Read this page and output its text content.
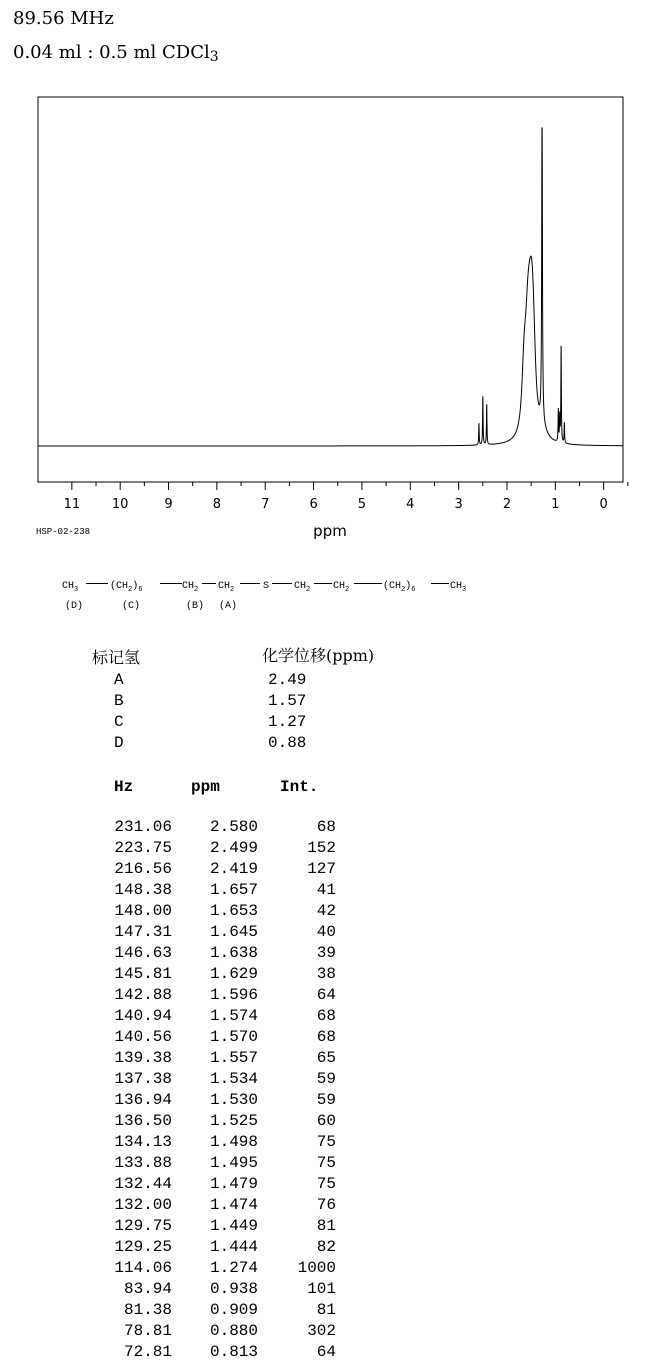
89.56 MHz
0.04 ml : 0.5 ml CDCl$_3$
11 10	9	8	7	6	5	4	3	2	1	0
ppm
HSP-02-238
$CH_3$	$(CH_2)_6$	$CH_2$ $CH_2$	S $CH_2$ $CH_2$	$(CH_2)_6$	$CH_3$
(D)	(C)	(B) (A)
标记氢	化学位移(ppm)
A	2.49
B	1.57
C	1.27
D	0.88
Hz	ppm	Int.
231.06	2.580	68
223.75	2.499	152
216.56	2.419	127
148.38	1.657	41
148.00	1.653	42
147.31	1.645	40
146.63	1.638	39
145.81	1.629	38
142.88	1.596	64
140.94	1.574	68
140.56	1.570	68
139.38	1.557	65
137.38	1.534	59
136.94	1.530	59
136.50	1.525	60
134.13	1.498	75
133.88	1.495	75
132.44	1.479	75
132.00	1.474	76
129.75	1.449	81
129.25	1.444	82
114.06	1.274	1000
83.94	0.938	101
81.38	0.909	81
78.81	0.880	302
72.81	0.813	64
